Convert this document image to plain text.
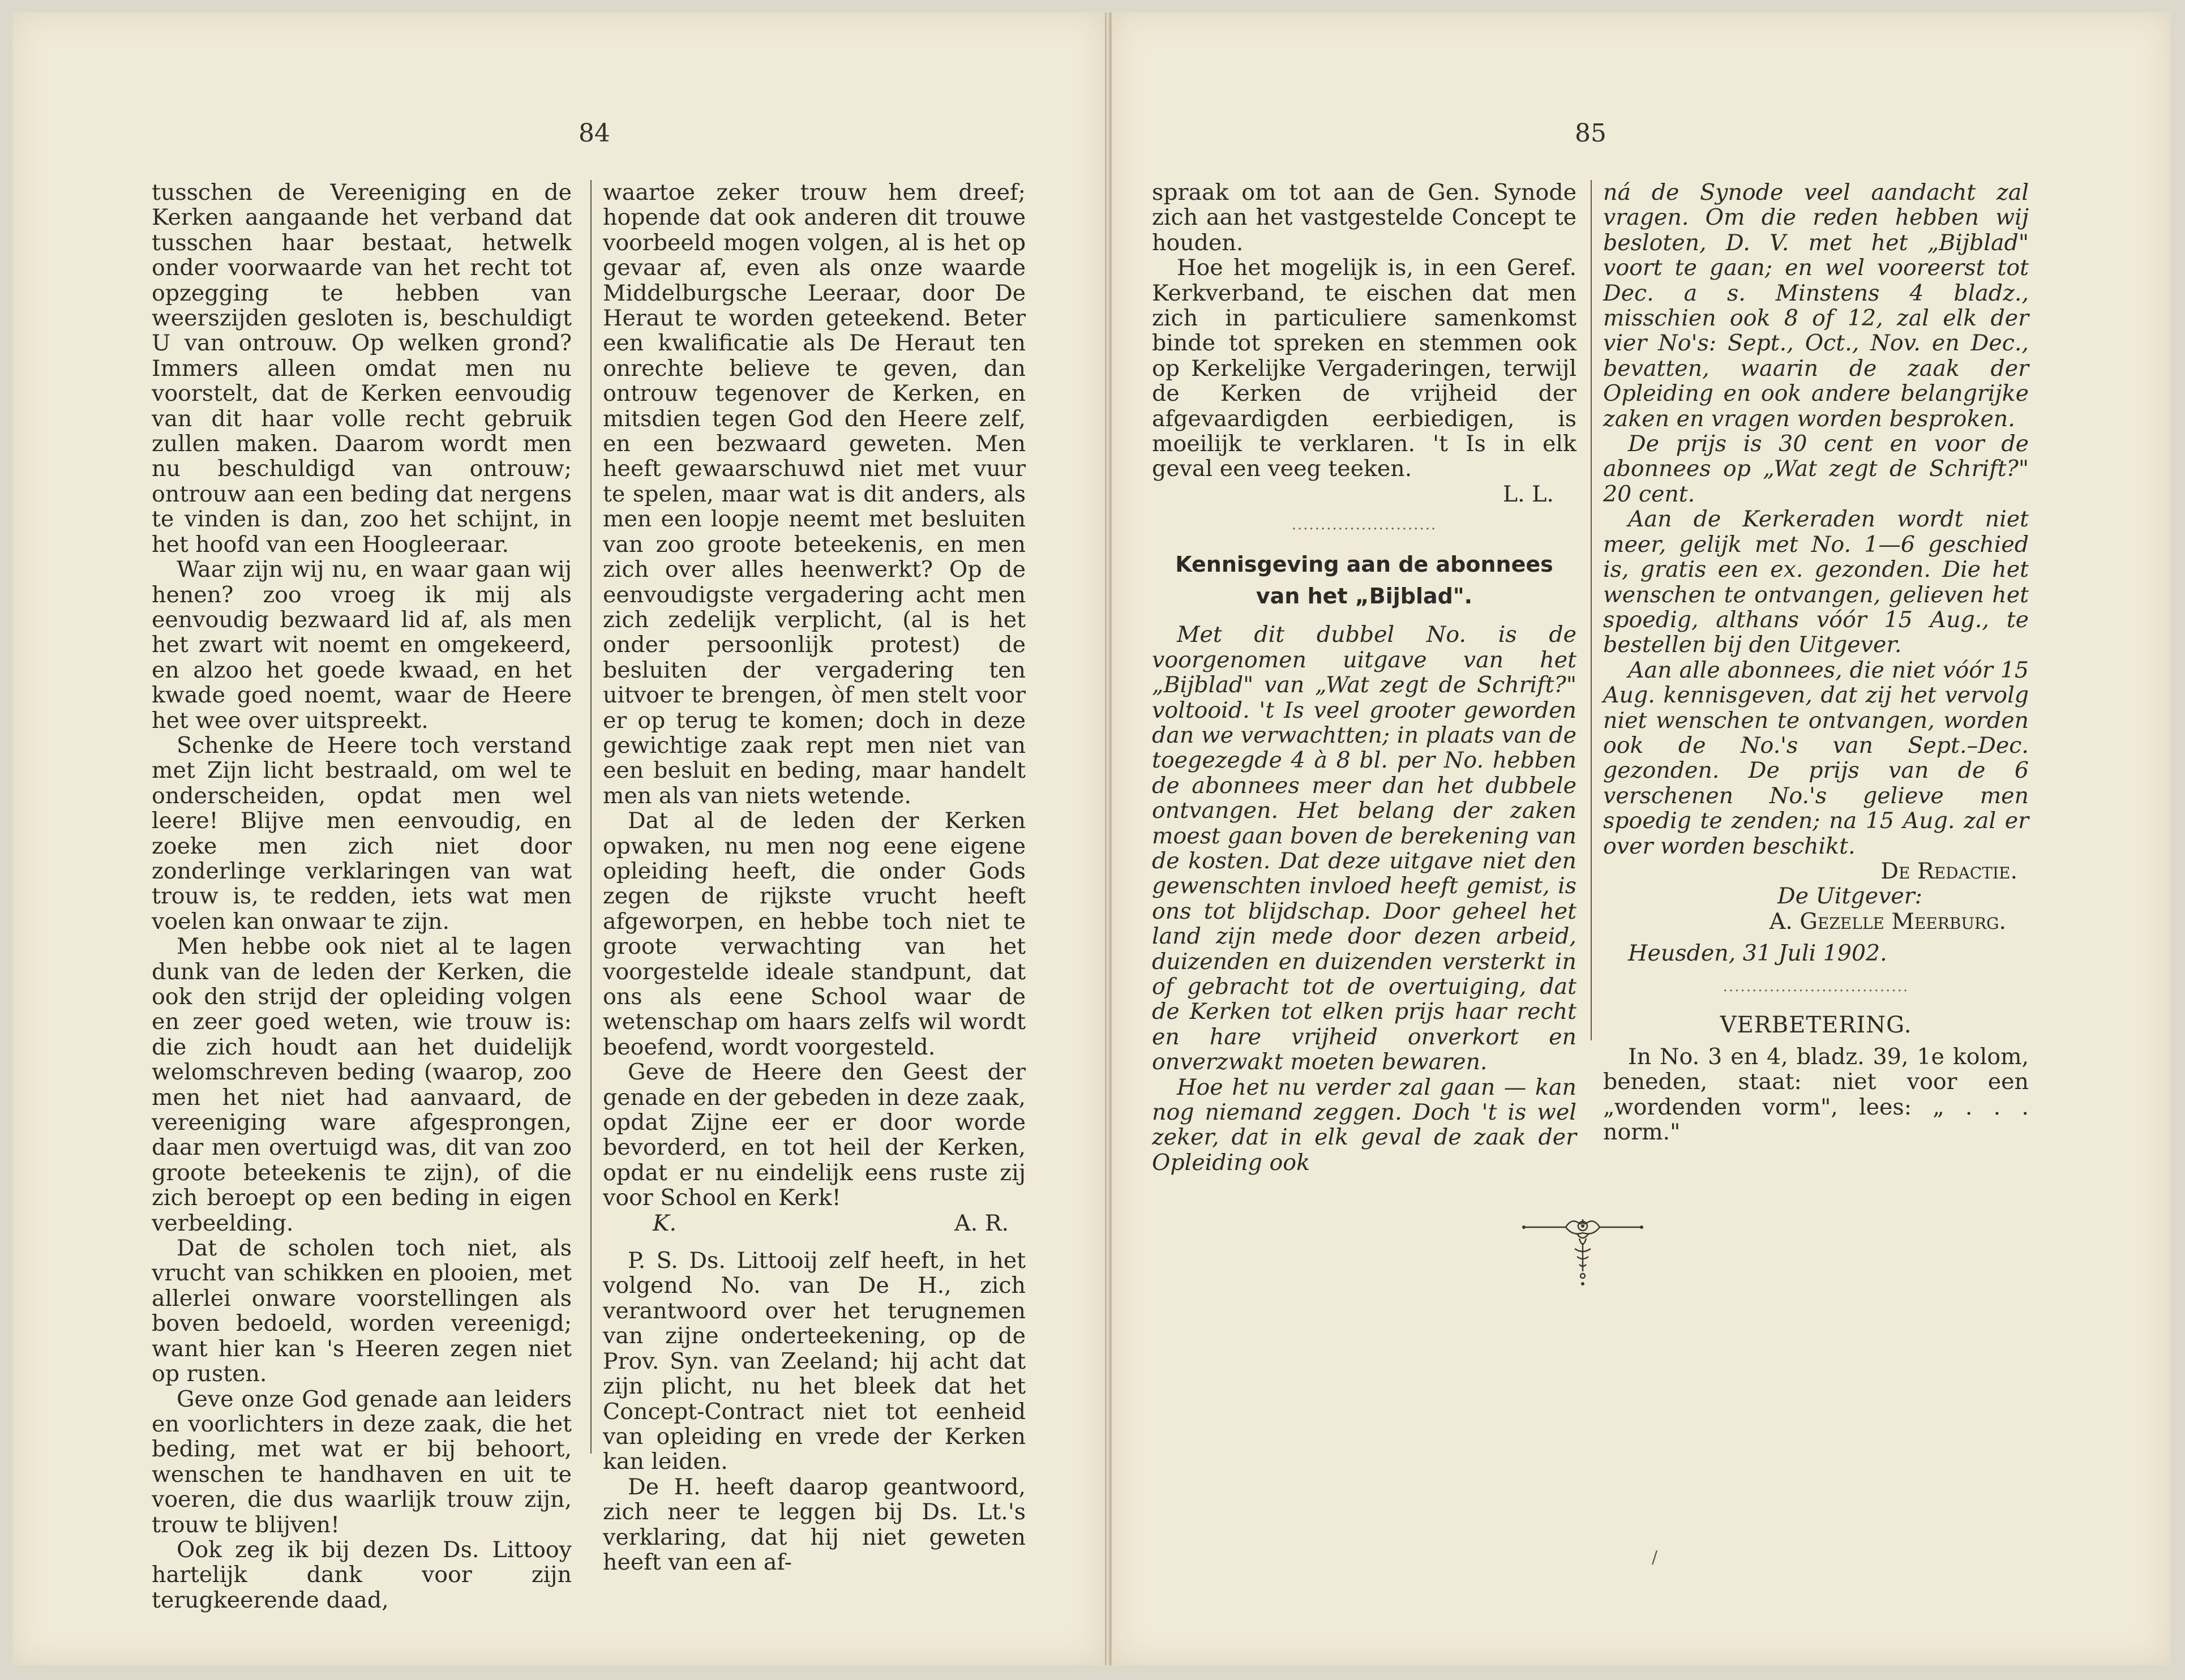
84

tusschen de Vereeniging en de Kerken aangaande het verband dat tusschen haar bestaat, hetwelk onder voorwaarde van het recht tot opzegging te hebben van weerszijden gesloten is, beschuldigt U van ontrouw. Op welken grond? Immers alleen omdat men nu voorstelt, dat de Kerken eenvoudig van dit haar volle recht gebruik zullen maken. Daarom wordt men nu beschuldigd van ontrouw; ontrouw aan een beding dat nergens te vinden is dan, zoo het schijnt, in het hoofd van een Hoogleeraar.

Waar zijn wij nu, en waar gaan wij henen? zoo vroeg ik mij als eenvoudig bezwaard lid af, als men het zwart wit noemt en omgekeerd, en alzoo het goede kwaad, en het kwade goed noemt, waar de Heere het wee over uitspreekt.

Schenke de Heere toch verstand met Zijn licht bestraald, om wel te onderscheiden, opdat men wel leere! Blijve men eenvoudig, en zoeke men zich niet door zonderlinge verklaringen van wat trouw is, te redden, iets wat men voelen kan onwaar te zijn.

Men hebbe ook niet al te lagen dunk van de leden der Kerken, die ook den strijd der opleiding volgen en zeer goed weten, wie trouw is: die zich houdt aan het duidelijk welomschreven beding (waarop, zoo men het niet had aanvaard, de vereeniging ware afgesprongen, daar men overtuigd was, dit van zoo groote beteekenis te zijn), of die zich beroept op een beding in eigen verbeelding.

Dat de scholen toch niet, als vrucht van schikken en plooien, met allerlei onware voorstellingen als boven bedoeld, worden vereenigd; want hier kan 's Heeren zegen niet op rusten.

Geve onze God genade aan leiders en voorlichters in deze zaak, die het beding, met wat er bij behoort, wenschen te handhaven en uit te voeren, die dus waarlijk trouw zijn, trouw te blijven!

Ook zeg ik bij dezen Ds. Littooy hartelijk dank voor zijn terugkeerende daad,

waartoe zeker trouw hem dreef; hopende dat ook anderen dit trouwe voorbeeld mogen volgen, al is het op gevaar af, even als onze waarde Middelburgsche Leeraar, door De Heraut te worden geteekend. Beter een kwalificatie als De Heraut ten onrechte believe te geven, dan ontrouw tegenover de Kerken, en mitsdien tegen God den Heere zelf, en een bezwaard geweten. Men heeft gewaarschuwd niet met vuur te spelen, maar wat is dit anders, als men een loopje neemt met besluiten van zoo groote beteekenis, en men zich over alles heenwerkt? Op de eenvoudigste vergadering acht men zich zedelijk verplicht, (al is het onder persoonlijk protest) de besluiten der vergadering ten uitvoer te brengen, òf men stelt voor er op terug te komen; doch in deze gewichtige zaak rept men niet van een besluit en beding, maar handelt men als van niets wetende.

Dat al de leden der Kerken opwaken, nu men nog eene eigene opleiding heeft, die onder Gods zegen de rijkste vrucht heeft afgeworpen, en hebbe toch niet te groote verwachting van het voorgestelde ideale standpunt, dat ons als eene School waar de wetenschap om haars zelfs wil wordt beoefend, wordt voorgesteld.

Geve de Heere den Geest der genade en der gebeden in deze zaak, opdat Zijne eer er door worde bevorderd, en tot heil der Kerken, opdat er nu eindelijk eens ruste zij voor School en Kerk!

K.	A. R.

P. S. Ds. Littooij zelf heeft, in het volgend No. van De H., zich verantwoord over het terugnemen van zijne onderteekening, op de Prov. Syn. van Zeeland; hij acht dat zijn plicht, nu het bleek dat het Concept-Contract niet tot eenheid van opleiding en vrede der Kerken kan leiden.

De H. heeft daarop geantwoord, zich neer te leggen bij Ds. Lt.'s verklaring, dat hij niet geweten heeft van een af-

85

spraak om tot aan de Gen. Synode zich aan het vastgestelde Concept te houden.

Hoe het mogelijk is, in een Geref. Kerkverband, te eischen dat men zich in particuliere samenkomst binde tot spreken en stemmen ook op Kerkelijke Vergaderingen, terwijl de Kerken de vrijheid der afgevaardigden eerbiedigen, is moeilijk te verklaren. 't Is in elk geval een veeg teeken.

L. L.

·························
Kennisgeving aan de abonnees van het „Bijblad".

Met dit dubbel No. is de voorgenomen uitgave van het „Bijblad" van „Wat zegt de Schrift?" voltooid. 't Is veel grooter geworden dan we verwachtten; in plaats van de toegezegde 4 à 8 bl. per No. hebben de abonnees meer dan het dubbele ontvangen. Het belang der zaken moest gaan boven de berekening van de kosten. Dat deze uitgave niet den gewenschten invloed heeft gemist, is ons tot blijdschap. Door geheel het land zijn mede door dezen arbeid, duizenden en duizenden versterkt in of gebracht tot de overtuiging, dat de Kerken tot elken prijs haar recht en hare vrijheid onverkort en onverzwakt moeten bewaren.

Hoe het nu verder zal gaan — kan nog niemand zeggen. Doch 't is wel zeker, dat in elk geval de zaak der Opleiding ook

ná de Synode veel aandacht zal vragen. Om die reden hebben wij besloten, D. V. met het „Bijblad" voort te gaan; en wel vooreerst tot Dec. a s. Minstens 4 bladz., misschien ook 8 of 12, zal elk der vier No's: Sept., Oct., Nov. en Dec., bevatten, waarin de zaak der Opleiding en ook andere belangrijke zaken en vragen worden besproken.

De prijs is 30 cent en voor de abonnees op „Wat zegt de Schrift?" 20 cent.

Aan de Kerkeraden wordt niet meer, gelijk met No. 1—6 geschied is, gratis een ex. gezonden. Die het wenschen te ontvangen, gelieven het spoedig, althans vóór 15 Aug., te bestellen bij den Uitgever.

Aan alle abonnees, die niet vóór 15 Aug. kennisgeven, dat zij het vervolg niet wenschen te ontvangen, worden ook de No.'s van Sept.–Dec. gezonden. De prijs van de 6 verschenen No.'s gelieve men spoedig te zenden; na 15 Aug. zal er over worden beschikt.

De Redactie.

De Uitgever:

A. Gezelle Meerburg.

Heusden, 31 Juli 1902.

································
VERBETERING.

In No. 3 en 4, bladz. 39, 1e kolom, beneden, staat: niet voor een „wordenden vorm", lees: „ . . . norm."

/
